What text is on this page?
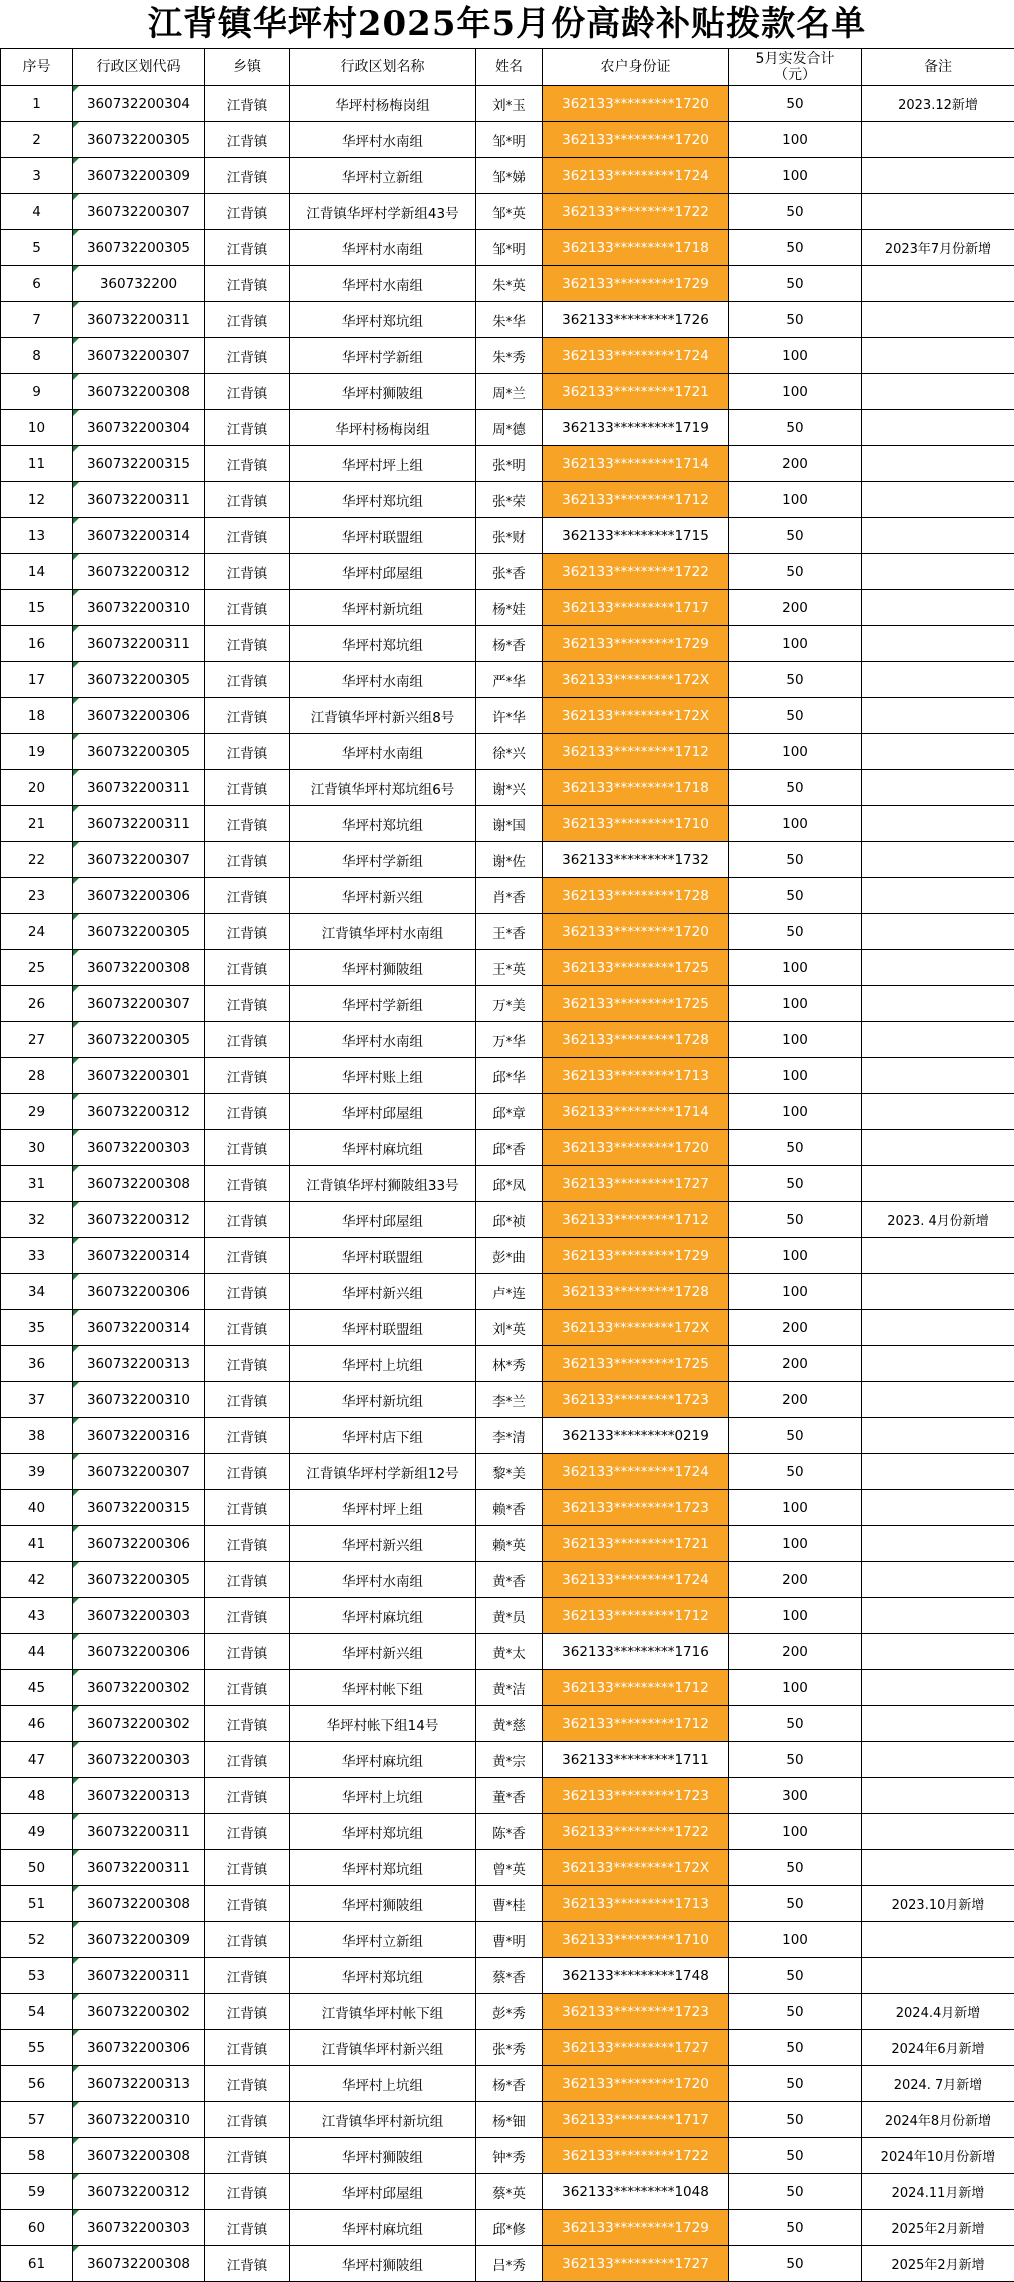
江背镇华坪村2025年5月份高龄补贴拨款名单
序号	行政区划代码	乡镇	行政区划名称	姓名	农户身份证	5月实发合计（元）	备注
1	360732200304	江背镇	华坪村杨梅岗组	刘*玉	362133*********1720	50	2023.12新增
2	360732200305	江背镇	华坪村水南组	邹*明	362133*********1720	100	
3	360732200309	江背镇	华坪村立新组	邹*娣	362133*********1724	100	
4	360732200307	江背镇	江背镇华坪村学新组43号	邹*英	362133*********1722	50	
5	360732200305	江背镇	华坪村水南组	邹*明	362133*********1718	50	2023年7月份新增
6	360732200	江背镇	华坪村水南组	朱*英	362133*********1729	50	
7	360732200311	江背镇	华坪村郑坑组	朱*华	362133*********1726	50	
8	360732200307	江背镇	华坪村学新组	朱*秀	362133*********1724	100	
9	360732200308	江背镇	华坪村狮陂组	周*兰	362133*********1721	100	
10	360732200304	江背镇	华坪村杨梅岗组	周*德	362133*********1719	50	
11	360732200315	江背镇	华坪村坪上组	张*明	362133*********1714	200	
12	360732200311	江背镇	华坪村郑坑组	张*荣	362133*********1712	100	
13	360732200314	江背镇	华坪村联盟组	张*财	362133*********1715	50	
14	360732200312	江背镇	华坪村邱屋组	张*香	362133*********1722	50	
15	360732200310	江背镇	华坪村新坑组	杨*娃	362133*********1717	200	
16	360732200311	江背镇	华坪村郑坑组	杨*香	362133*********1729	100	
17	360732200305	江背镇	华坪村水南组	严*华	362133*********172X	50	
18	360732200306	江背镇	江背镇华坪村新兴组8号	许*华	362133*********172X	50	
19	360732200305	江背镇	华坪村水南组	徐*兴	362133*********1712	100	
20	360732200311	江背镇	江背镇华坪村郑坑组6号	谢*兴	362133*********1718	50	
21	360732200311	江背镇	华坪村郑坑组	谢*国	362133*********1710	100	
22	360732200307	江背镇	华坪村学新组	谢*佐	362133*********1732	50	
23	360732200306	江背镇	华坪村新兴组	肖*香	362133*********1728	50	
24	360732200305	江背镇	江背镇华坪村水南组	王*香	362133*********1720	50	
25	360732200308	江背镇	华坪村狮陂组	王*英	362133*********1725	100	
26	360732200307	江背镇	华坪村学新组	万*美	362133*********1725	100	
27	360732200305	江背镇	华坪村水南组	万*华	362133*********1728	100	
28	360732200301	江背镇	华坪村账上组	邱*华	362133*********1713	100	
29	360732200312	江背镇	华坪村邱屋组	邱*章	362133*********1714	100	
30	360732200303	江背镇	华坪村麻坑组	邱*香	362133*********1720	50	
31	360732200308	江背镇	江背镇华坪村狮陂组33号	邱*凤	362133*********1727	50	
32	360732200312	江背镇	华坪村邱屋组	邱*祯	362133*********1712	50	2023. 4月份新增
33	360732200314	江背镇	华坪村联盟组	彭*曲	362133*********1729	100	
34	360732200306	江背镇	华坪村新兴组	卢*连	362133*********1728	100	
35	360732200314	江背镇	华坪村联盟组	刘*英	362133*********172X	200	
36	360732200313	江背镇	华坪村上坑组	林*秀	362133*********1725	200	
37	360732200310	江背镇	华坪村新坑组	李*兰	362133*********1723	200	
38	360732200316	江背镇	华坪村店下组	李*清	362133*********0219	50	
39	360732200307	江背镇	江背镇华坪村学新组12号	黎*美	362133*********1724	50	
40	360732200315	江背镇	华坪村坪上组	赖*香	362133*********1723	100	
41	360732200306	江背镇	华坪村新兴组	赖*英	362133*********1721	100	
42	360732200305	江背镇	华坪村水南组	黄*香	362133*********1724	200	
43	360732200303	江背镇	华坪村麻坑组	黄*员	362133*********1712	100	
44	360732200306	江背镇	华坪村新兴组	黄*太	362133*********1716	200	
45	360732200302	江背镇	华坪村帐下组	黄*洁	362133*********1712	100	
46	360732200302	江背镇	华坪村帐下组14号	黄*慈	362133*********1712	50	
47	360732200303	江背镇	华坪村麻坑组	黄*宗	362133*********1711	50	
48	360732200313	江背镇	华坪村上坑组	董*香	362133*********1723	300	
49	360732200311	江背镇	华坪村郑坑组	陈*香	362133*********1722	100	
50	360732200311	江背镇	华坪村郑坑组	曾*英	362133*********172X	50	
51	360732200308	江背镇	华坪村狮陂组	曹*桂	362133*********1713	50	2023.10月新增
52	360732200309	江背镇	华坪村立新组	曹*明	362133*********1710	100	
53	360732200311	江背镇	华坪村郑坑组	蔡*香	362133*********1748	50	
54	360732200302	江背镇	江背镇华坪村帐下组	彭*秀	362133*********1723	50	2024.4月新增
55	360732200306	江背镇	江背镇华坪村新兴组	张*秀	362133*********1727	50	2024年6月新增
56	360732200313	江背镇	华坪村上坑组	杨*香	362133*********1720	50	2024. 7月新增
57	360732200310	江背镇	江背镇华坪村新坑组	杨*钿	362133*********1717	50	2024年8月份新增
58	360732200308	江背镇	华坪村狮陂组	钟*秀	362133*********1722	50	2024年10月份新增
59	360732200312	江背镇	华坪村邱屋组	蔡*英	362133*********1048	50	2024.11月新增
60	360732200303	江背镇	华坪村麻坑组	邱*修	362133*********1729	50	2025年2月新增
61	360732200308	江背镇	华坪村狮陂组	吕*秀	362133*********1727	50	2025年2月新增
